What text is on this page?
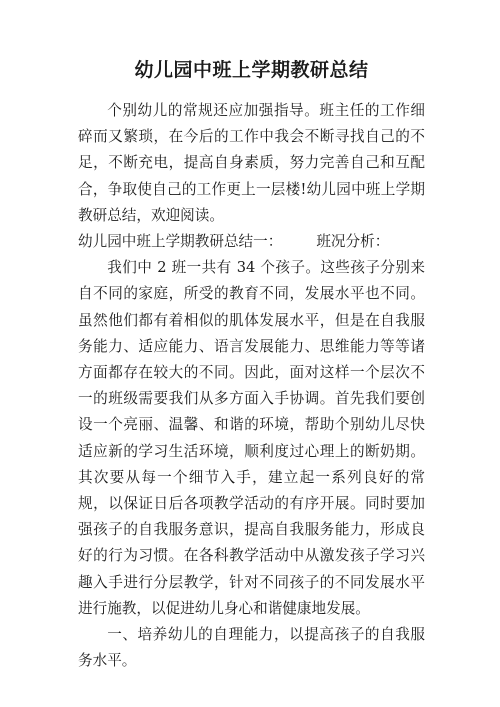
幼儿园中班上学期教研总结

个别幼儿的常规还应加强指导。班主任的工作细碎而又繁琐，在今后的工作中我会不断寻找自己的不足，不断充电，提高自身素质，努力完善自己和互配合，争取使自己的工作更上一层楼!幼儿园中班上学期教研总结，欢迎阅读。

幼儿园中班上学期教研总结一： 班况分析：

我们中 2 班一共有 34 个孩子。这些孩子分别来自不同的家庭，所受的教育不同，发展水平也不同。虽然他们都有着相似的肌体发展水平，但是在自我服务能力、适应能力、语言发展能力、思维能力等等诸方面都存在较大的不同。因此，面对这样一个层次不一的班级需要我们从多方面入手协调。首先我们要创设一个亮丽、温馨、和谐的环境，帮助个别幼儿尽快适应新的学习生活环境，顺利度过心理上的断奶期。其次要从每一个细节入手，建立起一系列良好的常规，以保证日后各项教学活动的有序开展。同时要加强孩子的自我服务意识，提高自我服务能力，形成良好的行为习惯。在各科教学活动中从激发孩子学习兴趣入手进行分层教学，针对不同孩子的不同发展水平进行施教，以促进幼儿身心和谐健康地发展。

一、培养幼儿的自理能力，以提高孩子的自我服务水平。
